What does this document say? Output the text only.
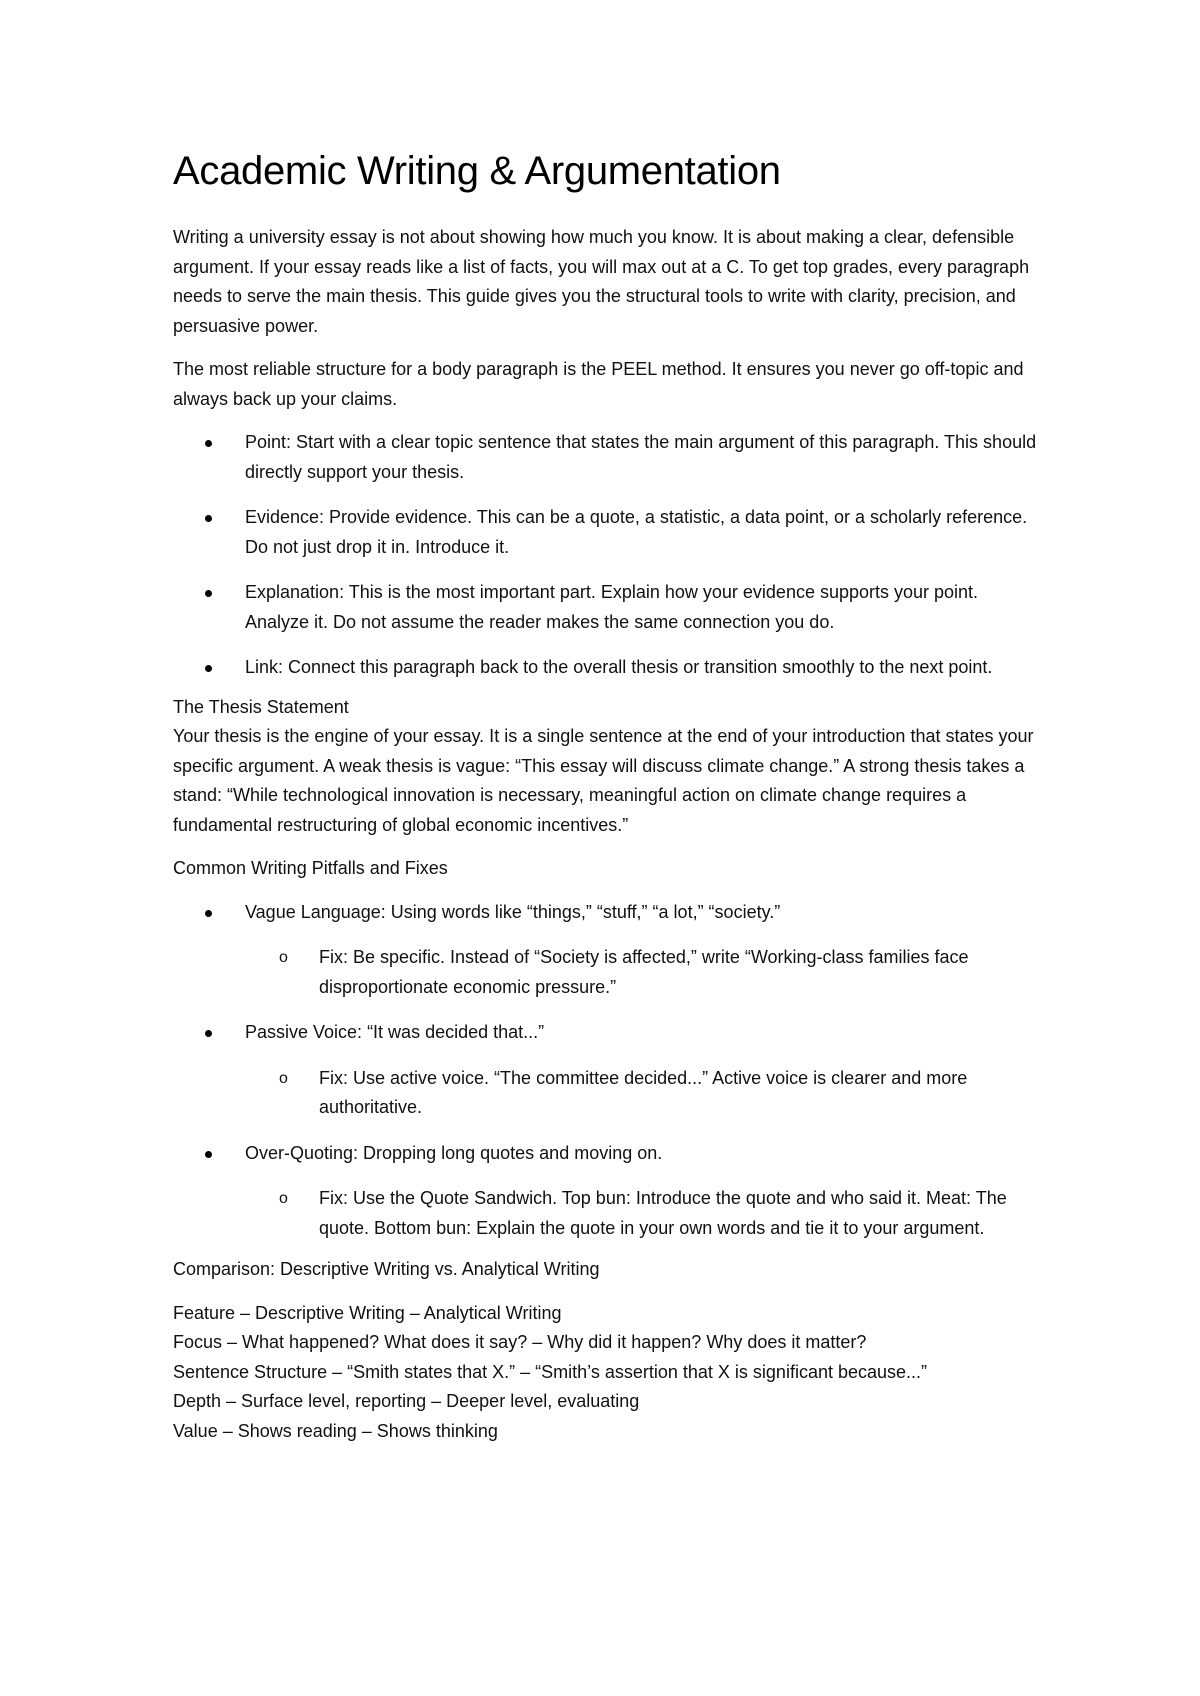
Academic Writing & Argumentation

Writing a university essay is not about showing how much you know. It is about making a clear, defensible argument. If your essay reads like a list of facts, you will max out at a C. To get top grades, every paragraph needs to serve the main thesis. This guide gives you the structural tools to write with clarity, precision, and persuasive power.

The most reliable structure for a body paragraph is the PEEL method. It ensures you never go off-topic and always back up your claims.

Point: Start with a clear topic sentence that states the main argument of this paragraph. This should directly support your thesis.
Evidence: Provide evidence. This can be a quote, a statistic, a data point, or a scholarly reference. Do not just drop it in. Introduce it.
Explanation: This is the most important part. Explain how your evidence supports your point. Analyze it. Do not assume the reader makes the same connection you do.
Link: Connect this paragraph back to the overall thesis or transition smoothly to the next point.

The Thesis Statement

Your thesis is the engine of your essay. It is a single sentence at the end of your introduction that states your specific argument. A weak thesis is vague: “This essay will discuss climate change.” A strong thesis takes a stand: “While technological innovation is necessary, meaningful action on climate change requires a fundamental restructuring of global economic incentives.”

Common Writing Pitfalls and Fixes

Vague Language: Using words like “things,” “stuff,” “a lot,” “society.”
o Fix: Be specific. Instead of “Society is affected,” write “Working-class families face disproportionate economic pressure.”
Passive Voice: “It was decided that...”
o Fix: Use active voice. “The committee decided...” Active voice is clearer and more authoritative.
Over-Quoting: Dropping long quotes and moving on.
o Fix: Use the Quote Sandwich. Top bun: Introduce the quote and who said it. Meat: The quote. Bottom bun: Explain the quote in your own words and tie it to your argument.

Comparison: Descriptive Writing vs. Analytical Writing

Feature – Descriptive Writing – Analytical Writing

Focus – What happened? What does it say? – Why did it happen? Why does it matter?

Sentence Structure – “Smith states that X.” – “Smith’s assertion that X is significant because...”

Depth – Surface level, reporting – Deeper level, evaluating

Value – Shows reading – Shows thinking
